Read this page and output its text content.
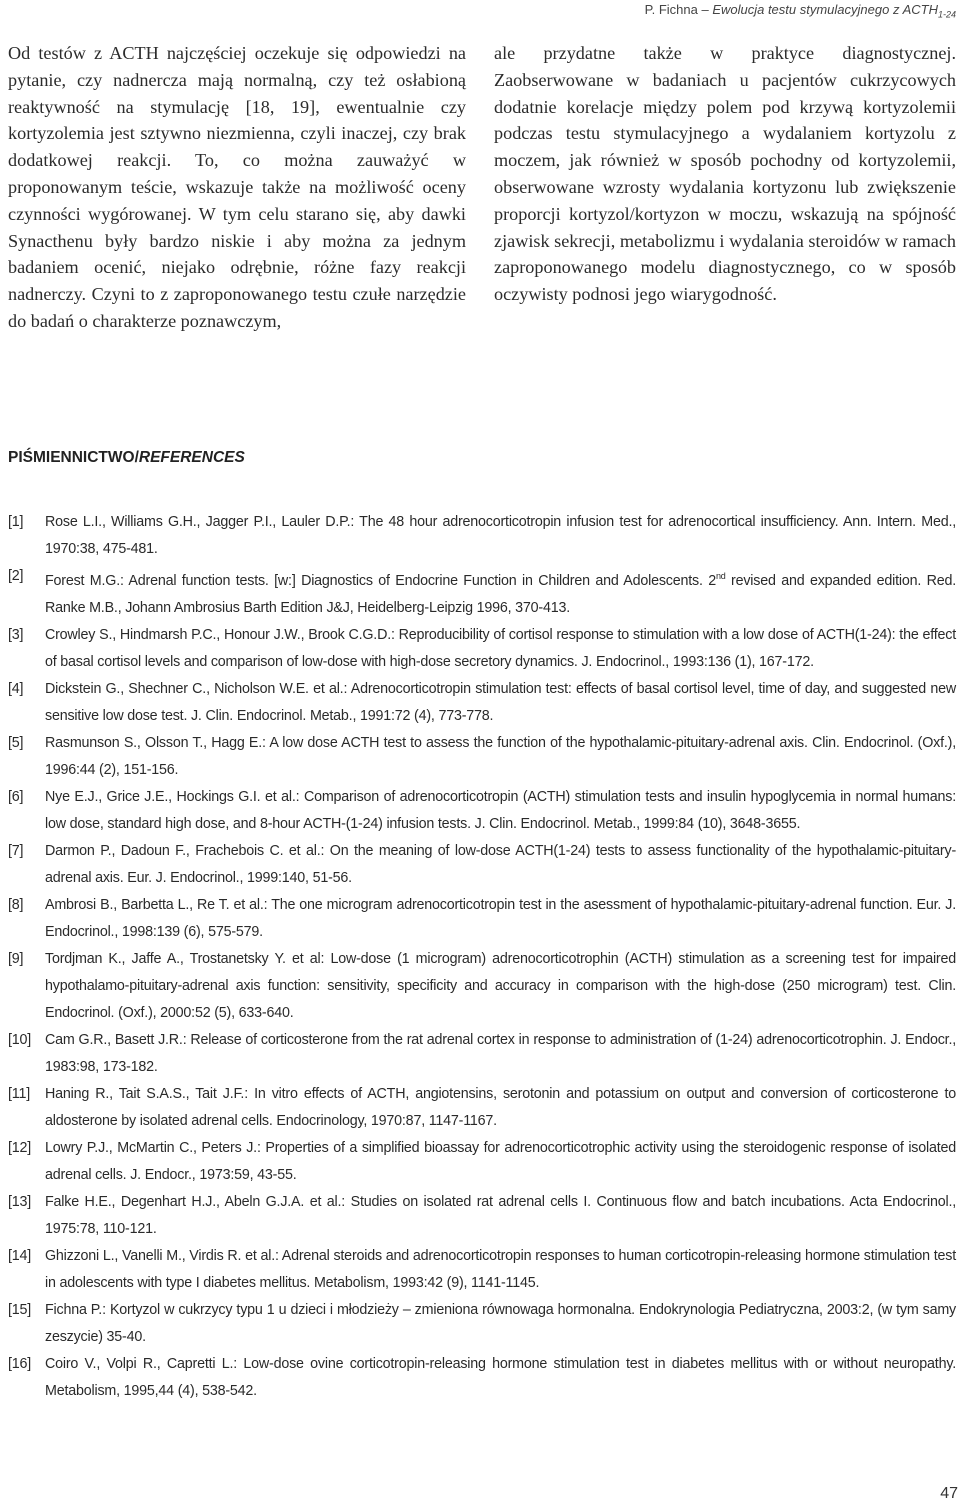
P. Fichna – Ewolucja testu stymulacyjnego z $ACTH_{1-24}$

Od testów z ACTH najczęściej oczekuje się odpowiedzi na pytanie, czy nadnercza mają normalną, czy też osłabioną reaktywność na stymulację [18, 19], ewentualnie czy kortyzolemia jest sztywno niezmienna, czyli inaczej, czy brak dodatkowej reakcji. To, co można zauważyć w proponowanym teście, wskazuje także na możliwość oceny czynności wygórowanej. W tym celu starano się, aby dawki Synacthenu były bardzo niskie i aby można za jednym badaniem ocenić, niejako odrębnie, różne fazy reakcji nadnerczy. Czyni to z zaproponowanego testu czułe narzędzie do badań o charakterze poznawczym,

ale przydatne także w praktyce diagnostycznej. Zaobserwowane w badaniach u pacjentów cukrzycowych dodatnie korelacje między polem pod krzywą kortyzolemii podczas testu stymulacyjnego a wydalaniem kortyzolu z moczem, jak również w sposób pochodny od kortyzolemii, obserwowane wzrosty wydalania kortyzonu lub zwiększenie proporcji kortyzol/kortyzon w moczu, wskazują na spójność zjawisk sekrecji, metabolizmu i wydalania steroidów w ramach zaproponowanego modelu diagnostycznego, co w sposób oczywisty podnosi jego wiarygodność.

PIŚMIENNICTWO/REFERENCES
[1]	Rose L.I., Williams G.H., Jagger P.I., Lauler D.P.: The 48 hour adrenocorticotropin infusion test for adrenocortical insufficiency. Ann. Intern. Med., 1970:38, 475-481.
[2]	Forest M.G.: Adrenal function tests. [w:] Diagnostics of Endocrine Function in Children and Adolescents. 2nd revised and expanded edition. Red. Ranke M.B., Johann Ambrosius Barth Edition J&J, Heidelberg-Leipzig 1996, 370-413.
[3]	Crowley S., Hindmarsh P.C., Honour J.W., Brook C.G.D.: Reproducibility of cortisol response to stimulation with a low dose of ACTH(1-24): the effect of basal cortisol levels and comparison of low-dose with high-dose secretory dynamics. J. Endocrinol., 1993:136 (1), 167-172.
[4]	Dickstein G., Shechner C., Nicholson W.E. et al.: Adrenocorticotropin stimulation test: effects of basal cortisol level, time of day, and suggested new sensitive low dose test. J. Clin. Endocrinol. Metab., 1991:72 (4), 773-778.
[5]	Rasmunson S., Olsson T., Hagg E.: A low dose ACTH test to assess the function of the hypothalamic-pituitary-adrenal axis. Clin. Endocrinol. (Oxf.), 1996:44 (2), 151-156.
[6]	Nye E.J., Grice J.E., Hockings G.I. et al.: Comparison of adrenocorticotropin (ACTH) stimulation tests and insulin hypoglycemia in normal humans: low dose, standard high dose, and 8-hour ACTH-(1-24) infusion tests. J. Clin. Endocrinol. Metab., 1999:84 (10), 3648-3655.
[7]	Darmon P., Dadoun F., Frachebois C. et al.: On the meaning of low-dose ACTH(1-24) tests to assess functionality of the hypothalamic-pituitary-adrenal axis. Eur. J. Endocrinol., 1999:140, 51-56.
[8]	Ambrosi B., Barbetta L., Re T. et al.: The one microgram adrenocorticotropin test in the asessment of hypothalamic-pituitary-adrenal function. Eur. J. Endocrinol., 1998:139 (6), 575-579.
[9]	Tordjman K., Jaffe A., Trostanetsky Y. et al: Low-dose (1 microgram) adrenocorticotrophin (ACTH) stimulation as a screening test for impaired hypothalamo-pituitary-adrenal axis function: sensitivity, specificity and accuracy in comparison with the high-dose (250 microgram) test. Clin. Endocrinol. (Oxf.), 2000:52 (5), 633-640.
[10] Cam G.R., Basett J.R.: Release of corticosterone from the rat adrenal cortex in response to administration of (1-24) adrenocorticotrophin. J. Endocr., 1983:98, 173-182.
[11]	Haning R., Tait S.A.S., Tait J.F.: In vitro effects of ACTH, angiotensins, serotonin and potassium on output and conversion of corticosterone to aldosterone by isolated adrenal cells. Endocrinology, 1970:87, 1147-1167.
[12] Lowry P.J., McMartin C., Peters J.: Properties of a simplified bioassay for adrenocorticotrophic activity using the steroidogenic response of isolated adrenal cells. J. Endocr., 1973:59, 43-55.
[13] Falke H.E., Degenhart H.J., Abeln G.J.A. et al.: Studies on isolated rat adrenal cells I. Continuous flow and batch incubations. Acta Endocrinol., 1975:78, 110-121.
[14] Ghizzoni L., Vanelli M., Virdis R. et al.: Adrenal steroids and adrenocorticotropin responses to human corticotropin-releasing hormone stimulation test in adolescents with type I diabetes mellitus. Metabolism, 1993:42 (9), 1141-1145.
[15] Fichna P.: Kortyzol w cukrzycy typu 1 u dzieci i młodzieży – zmieniona równowaga hormonalna. Endokrynologia Pediatryczna, 2003:2, (w tym samy zeszycie) 35-40.
[16] Coiro V., Volpi R., Capretti L.: Low-dose ovine corticotropin-releasing hormone stimulation test in diabetes mellitus with or without neuropathy. Metabolism, 1995,44 (4), 538-542.
47
